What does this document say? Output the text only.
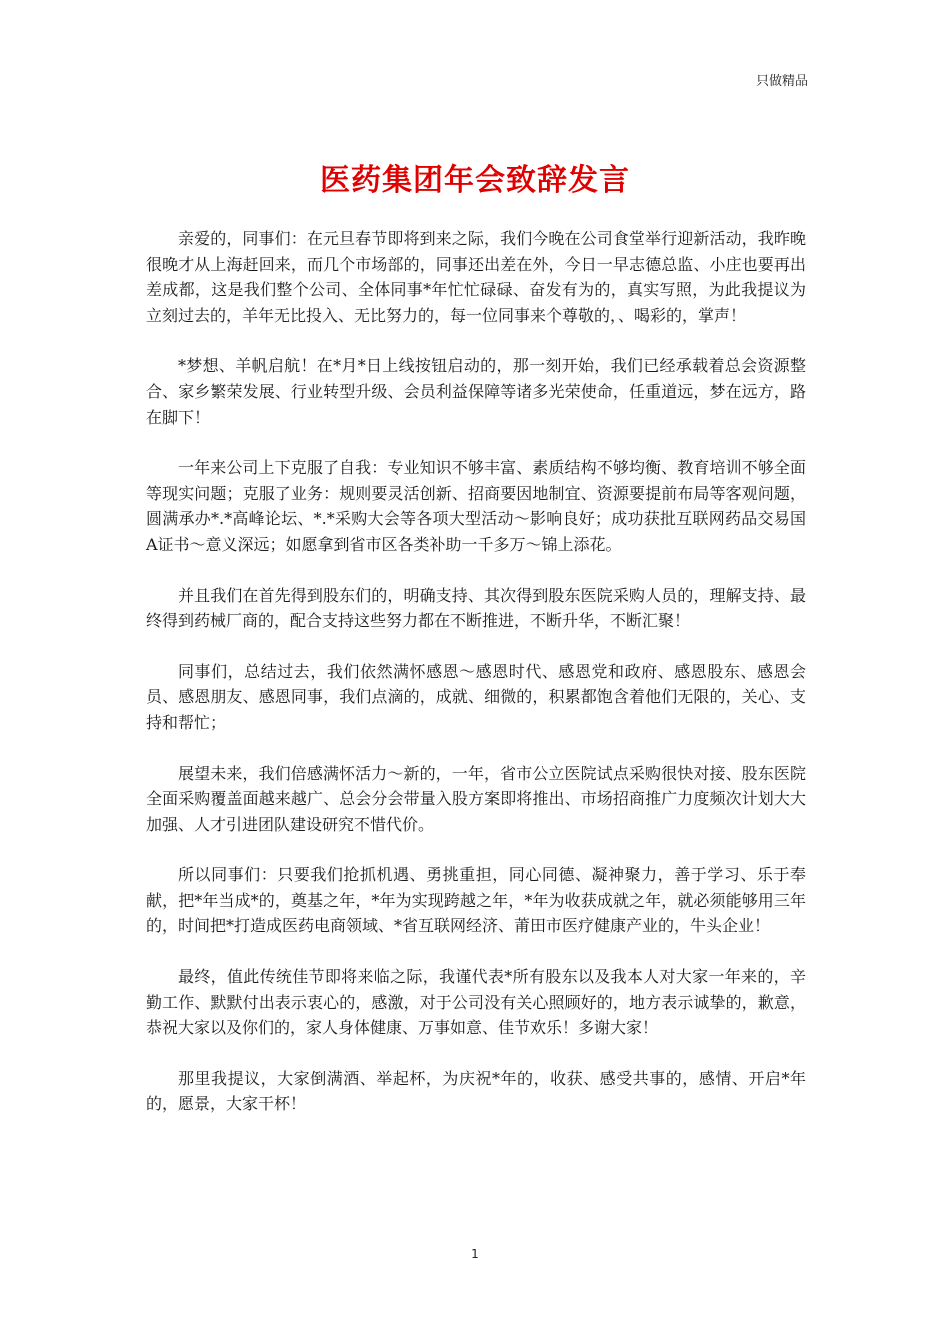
只做精品
医药集团年会致辞发言

亲爱的，同事们：在元旦春节即将到来之际，我们今晚在公司食堂举行迎新活动，我昨晚很晚才从上海赶回来，而几个市场部的，同事还出差在外，今日一早志德总监、小庄也要再出差成都，这是我们整个公司、全体同事*年忙忙碌碌、奋发有为的，真实写照，为此我提议为立刻过去的，羊年无比投入、无比努力的，每一位同事来个尊敬的，、喝彩的，掌声！

*梦想、羊帆启航！在*月*日上线按钮启动的，那一刻开始，我们已经承载着总会资源整合、家乡繁荣发展、行业转型升级、会员利益保障等诸多光荣使命，任重道远，梦在远方，路在脚下！

一年来公司上下克服了自我：专业知识不够丰富、素质结构不够均衡、教育培训不够全面等现实问题；克服了业务：规则要灵活创新、招商要因地制宜、资源要提前布局等客观问题，圆满承办*.*高峰论坛、*.*采购大会等各项大型活动～影响良好；成功获批互联网药品交易国A证书～意义深远；如愿拿到省市区各类补助一千多万～锦上添花。

并且我们在首先得到股东们的，明确支持、其次得到股东医院采购人员的，理解支持、最终得到药械厂商的，配合支持这些努力都在不断推进，不断升华，不断汇聚！

同事们，总结过去，我们依然满怀感恩～感恩时代、感恩党和政府、感恩股东、感恩会员、感恩朋友、感恩同事，我们点滴的，成就、细微的，积累都饱含着他们无限的，关心、支持和帮忙；

展望未来，我们倍感满怀活力～新的，一年，省市公立医院试点采购很快对接、股东医院全面采购覆盖面越来越广、总会分会带量入股方案即将推出、市场招商推广力度频次计划大大加强、人才引进团队建设研究不惜代价。

所以同事们：只要我们抢抓机遇、勇挑重担，同心同德、凝神聚力，善于学习、乐于奉献，把*年当成*的，奠基之年，*年为实现跨越之年，*年为收获成就之年，就必须能够用三年的，时间把*打造成医药电商领域、*省互联网经济、莆田市医疗健康产业的，牛头企业！

最终，值此传统佳节即将来临之际，我谨代表*所有股东以及我本人对大家一年来的，辛勤工作、默默付出表示衷心的，感激，对于公司没有关心照顾好的，地方表示诚挚的，歉意，恭祝大家以及你们的，家人身体健康、万事如意、佳节欢乐！多谢大家！

那里我提议，大家倒满酒、举起杯，为庆祝*年的，收获、感受共事的，感情、开启*年的，愿景，大家干杯！

1
